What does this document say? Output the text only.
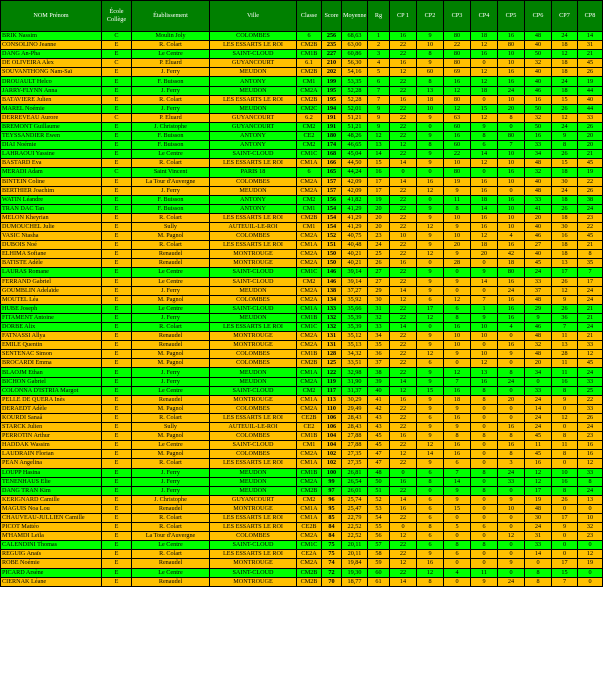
NOM Prénom	École Collège	Établissement	Ville	Classe	Score	Moyenne	Rg	CP 1	CP2	CP3	CP4	CP5	CP6	CP7	CP8
BRIK Nassim	C	Moulin Joly	COLOMBES	6	256	68,63	1	16	9	80	18	16	48	24	14
CONSOLINO Jeanne	E	R. Colart	LES ESSARTS LE ROI	CM2B	235	63,00	2	22	10	22	12	80	40	18	31
DANG An-Pha	E	Le Centre	SAINT-CLOUD	CM1B	227	60,86	3	22	8	80	16	10	50	12	21
DE OLIVEIRA Alex	C	P. Eluard	GUYANCOURT	6.1	210	56,30	4	16	9	80	0	10	32	18	45
SOUVANTHONG Nam-Saï	E	J. Ferry	MEUDON	CM2B	202	54,16	5	12	60	69	12	16	40	18	26
DROUAULT Helco	E	F. Buisson	ANTONY	CM1	199	53,35	6	22	8	16	12	16	40	24	19
JARRY-FLYNN Anna	E	J. Ferry	MEUDON	CM2A	195	52,28	7	22	13	12	18	24	46	18	44
BATAVIERE Julien	E	R. Colart	LES ESSARTS LE ROI	CM2B	195	52,28	7	16	18	80	0	10	16	15	40
MAREL Noémie	E	J. Ferry	MEUDON	CM2C	194	52,01	9	22	10	12	15	20	50	26	44
DERREVEAU Aurore	C	P. Eluard	GUYANCOURT	6.2	191	51,21	9	22	9	63	12	8	32	12	33
BREMONT Guillaume	E	J. Christophe	GUYANCOURT	CM2	191	51,21	9	22	0	60	9	0	50	24	26
TEYSSANDIER Ewen	E	F. Buisson	ANTONY	CE2	180	48,26	12	22	9	16	8	80	16	9	20
DIAI Noémie	E	F. Buisson	ANTONY	CM2	174	46,65	13	12	8	60	6	7	33	8	20
LAHRAOUI Yassine	E	Le Centre	SAINT-CLOUD	CM1C	168	45,04	14	22	9	22	14	10	34	26	21
BASTARD Eva	E	R. Colart	LES ESSARTS LE ROI	CM1A	166	44,50	15	14	9	10	12	10	48	15	45
MERADI Adam	C	Saint Vincent	PARIS 18	6	165	44,24	16	0	0	80	0	16	32	18	19
BINTEIN Coline	E	La Tour d'Auvergne	COLOMBES	CM2A	157	42,09	17	14	16	19	16	10	40	30	22
BERTHIER Joachim	E	J. Ferry	MEUDON	CM2A	157	42,09	17	22	12	9	16	0	48	24	26
WATIN Léandre	E	F. Buisson	ANTONY	CM2	156	41,82	19	22	0	11	18	16	33	18	38
TRAN DAC Tan	E	F. Buisson	ANTONY	CM1	154	41,29	20	22	9	8	14	10	41	26	24
MELON Kheyrian	E	R. Colart	LES ESSARTS LE ROI	CM2B	154	41,29	20	22	9	10	16	10	20	18	23
DUMOUCHEL Julie	E	Sully	AUTEUIL-LE-ROI	CM1	154	41,29	20	22	12	9	16	10	40	30	22
VASIC Ntasha	E	M. Pagnol	COLOMBES	CM2A	152	40,75	23	10	9	10	12	4	46	16	45
DUBOIS Noé	E	R. Colart	LES ESSARTS LE ROI	CM1A	151	40,48	24	22	9	20	18	16	27	18	21
ELHIMA Sofiane	E	Renaudel	MONTROUGE	CM2A	150	40,21	25	22	12	9	20	42	40	18	8
BATISTE Adèle	E	Renaudel	MONTROUGE	CM2A	150	40,21	26	16	0	28	0	18	45	13	35
LAURAS Romane	E	Le Centre	SAINT-CLOUD	CM1C	146	39,14	27	22	9	0	9	80	24	17	7
FERRAND Gabriel	E	Le Centre	SAINT-CLOUD	CM2	146	39,14	27	22	9	9	14	16	33	26	17
GOUMBLIN Adelaïde	E	J. Ferry	MEUDON	CM2A	138	37,27	29	14	9	0	0	24	37	12	24
MOUTEL Léa	E	M. Pagnol	COLOMBES	CM2A	134	35,92	30	12	6	12	7	16	48	9	24
HUBE Joseph	E	Le Centre	SAINT-CLOUD	CM1A	133	35,66	31	22	17	6	1	16	29	26	21
FITAMENT Antoine	E	J. Ferry	MEUDON	CM1B	132	35,39	32	22	12	8	9	16	9	36	21
DORBE Alix	E	R. Colart	LES ESSARTS LE ROI	CM1C	132	35,39	33	14	0	16	10	4	46	7	24
FATNASSI Allya	E	Renaudel	MONTROUGE	CM2A	131	35,12	34	22	9	10	10	0	48	11	21
EMILE Quentin	E	Renaudel	MONTROUGE	CM2A	131	35,13	35	22	9	10	0	16	32	13	33
SENTENAC Simon	E	M. Pagnol	COLOMBES	CM1B	128	34,32	36	22	12	9	10	9	48	28	12
BROCARDI Emma	E	M. Pagnol	COLOMBES	CM2B	125	33,51	37	22	6	0	12	0	20	11	45
BLAOJM Ethan	E	J. Ferry	MEUDON	CM1A	122	32,98	38	22	9	12	13	8	34	11	24
BICHON Gabriel	E	J. Ferry	MEUDON	CM2A	119	31,90	39	14	9	7	16	24	0	16	33
COLONNA D'ISTRIA Margot	E	Le Centre	SAINT-CLOUD	CM2	117	31,37	40	12	15	16	8	0	33	8	25
PELLE DE QUERA Inès	E	Renaudel	MONTROUGE	CM1A	113	30,29	41	16	9	18	8	20	24	9	22
DERAEDT Adèle	E	M. Pagnol	COLOMBES	CM2A	110	29,49	42	22	9	9	0	0	14	0	33
KOURDI Sanaâ	E	R. Colart	LES ESSARTS LE ROI	CE2B	106	28,43	43	22	6	16	0	0	24	12	26
STARCK Julien	E	Sully	AUTEUIL-LE-ROI	CE2	106	28,43	43	22	9	9	0	16	24	0	24
PERROTIN Arthur	E	M. Pagnol	COLOMBES	CM1B	104	27,88	45	16	9	8	8	8	45	8	23
HADDAK Wassim	E	Le Centre	SAINT-CLOUD	CM1	104	27,88	45	22	12	16	0	16	11	11	16
LAUDRAIN Florian	E	M. Pagnol	COLOMBES	CM2A	102	27,35	47	12	14	16	0	8	45	8	16
PEAN Angelina	E	R. Colart	LES ESSARTS LE ROI	CM1A	102	27,35	47	22	9	6	0	3	16	0	12
LOUPP Hasina	E	J. Ferry	MEUDON	CM1B	100	26,81	48	0	6	7	8	24	12	10	33
TENENHAUS Elie	E	J. Ferry	MEUDON	CM2A	99	26,54	50	16	8	14	0	33	12	16	8
DANG TRAN Kim	E	J. Ferry	MEUDON	CM2B	97	26,01	51	22	0	9	8	0	17	8	24
KERIGNARD Camille	E	J. Christophe	GUYANCOURT	CM2	96	25,74	52	14	6	9	0	9	19	26	13
MAGUIS Noa Lou	E	Renaudel	MONTROUGE	CM1A	95	25,47	53	16	6	15	0	10	48	0	0
CHAUVEAU-JULLIEN Camille	E	R. Colart	LES ESSARTS LE ROI	CM1A	85	22,79	54	22	6	0	0	0	30	17	10
PICOT Mattéo	E	R. Colart	LES ESSARTS LE ROI	CE2B	84	22,52	55	0	8	5	6	0	24	9	32
M'HAMDI Leïla	E	La Tour d'Auvergne	COLOMBES	CM2A	84	22,52	56	12	6	0	0	12	31	0	23
CALENDINI Thomas	E	Le Centre	SAINT-CLOUD	CM1C	75	20,11	57	22	6	8	8	0	33	0	0
REGUIG Anaïs	E	R. Colart	LES ESSARTS LE ROI	CE2A	75	20,11	58	22	9	6	0	0	14	0	12
ROBE Noémie	E	Renaudel	MONTROUGE	CM2A	74	19,84	59	12	16	0	0	9	0	17	19
PICARD Arsène	E	Le Centre	SAINT-CLOUD	CM2B	72	19,30	60	22	12	4	11	0	8	15	0
CIERNAK Léane	E	Renaudel	MONTROUGE	CM2B	70	18,77	61	14	8	0	9	24	8	7	0
